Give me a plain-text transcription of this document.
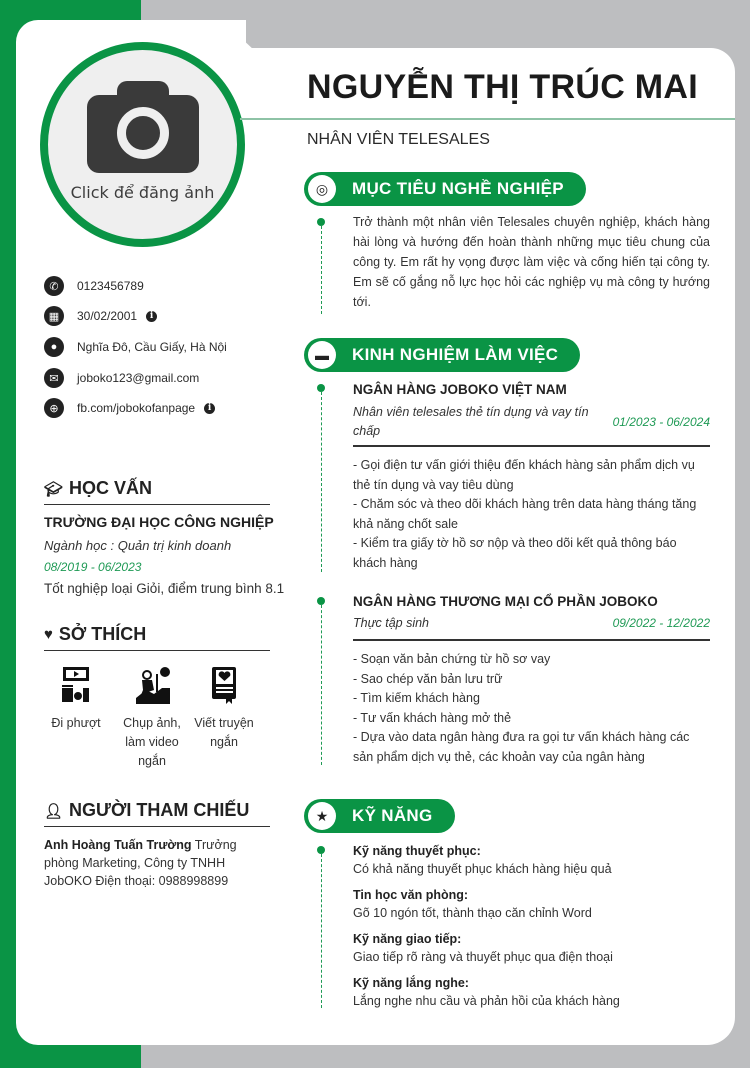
Click để đăng ảnh
NGUYỄN THỊ TRÚC MAI
NHÂN VIÊN TELESALES
✆	0123456789
▦	30/02/2001	i
●	Nghĩa Đô, Cầu Giấy, Hà Nội
✉	joboko123@gmail.com
⊕	fb.com/jobokofanpage	i
🎓︎ HỌC VẤN
TRƯỜNG ĐẠI HỌC CÔNG NGHIỆP
Ngành học : Quản trị kinh doanh
08/2019 - 06/2023
Tốt nghiệp loại Giỏi, điểm trung bình 8.1
♥ SỞ THÍCH
Đi phượt	Chụp ảnh, làm video ngắn
Viết truyện ngắn
👤︎ NGƯỜI THAM CHIẾU
Anh Hoàng Tuấn Trường Trưởng phòng Marketing, Công ty TNHH JobOKO Điện thoại: 0988998899
◎	MỤC TIÊU NGHỀ NGHIỆP
Trở thành một nhân viên Telesales chuyên nghiệp, khách hàng hài lòng và hướng đến hoàn thành những mục tiêu chung của công ty. Em rất hy vọng được làm việc và cống hiến tại công ty. Em sẽ cố gắng nỗ lực học hỏi các nghiệp vụ mà công ty hướng tới.
▬	KINH NGHIỆM LÀM VIỆC
NGÂN HÀNG JOBOKO VIỆT NAM
Nhân viên telesales thẻ tín dụng và vay tín chấp
01/2023 - 06/2024
- Gọi điện tư vấn giới thiệu đến khách hàng sản phẩm dịch vụ thẻ tín dụng và vay tiêu dùng
- Chăm sóc và theo dõi khách hàng trên data hàng tháng tăng khả năng chốt sale
- Kiểm tra giấy tờ hồ sơ nộp và theo dõi kết quả thông báo khách hàng
NGÂN HÀNG THƯƠNG MẠI CỔ PHẦN JOBOKO
Thực tập sinh	09/2022 - 12/2022
- Soạn văn bản chứng từ hồ sơ vay
- Sao chép văn bản lưu trữ
- Tìm kiếm khách hàng
- Tư vấn khách hàng mở thẻ
- Dựa vào data ngân hàng đưa ra gọi tư vấn khách hàng các sản phẩm dịch vụ thẻ, các khoản vay của ngân hàng
★	KỸ NĂNG
Kỹ năng thuyết phục:
Có khả năng thuyết phục khách hàng hiệu quả
Tin học văn phòng:
Gõ 10 ngón tốt, thành thạo căn chỉnh Word
Kỹ năng giao tiếp:
Giao tiếp rõ ràng và thuyết phục qua điện thoại
Kỹ năng lắng nghe:
Lắng nghe nhu cầu và phản hồi của khách hàng
